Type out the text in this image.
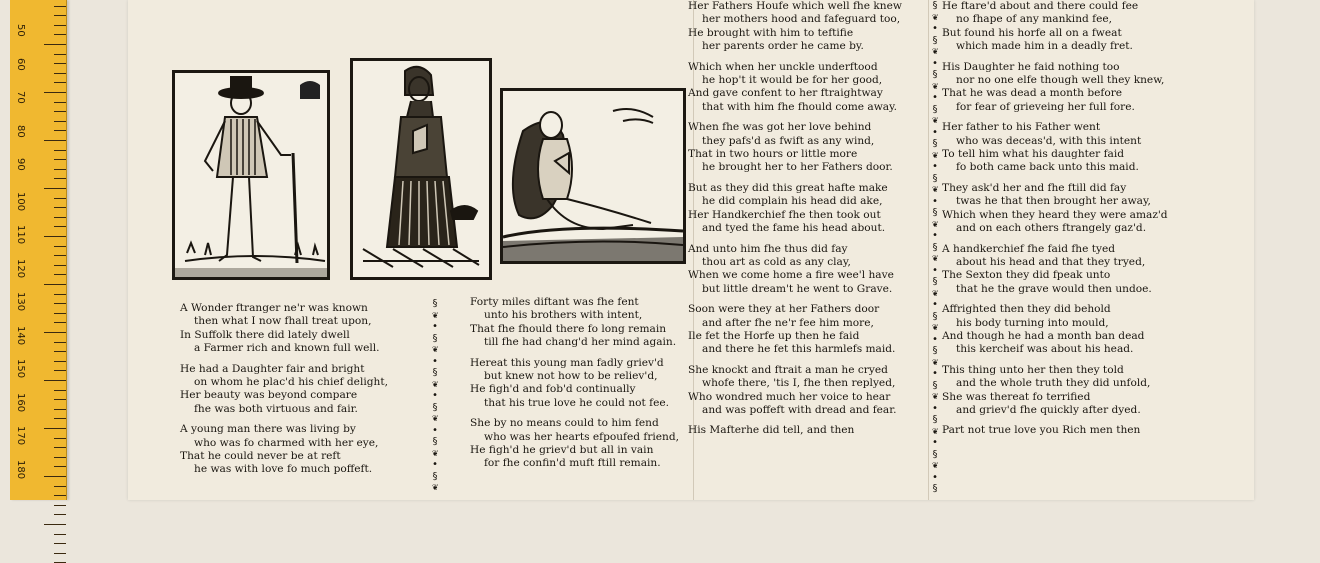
50
60
70
80
90
100
110
120
130
140
150
160
170
180
A Wonder ftranger ne'r was known
then what I now fhall treat upon,
In Suffolk there did lately dwell
a Farmer rich and known full well.
He had a Daughter fair and bright
on whom he plac'd his chief delight,
Her beauty was beyond compare
fhe was both virtuous and fair.
A young man there was living by
who was fo charmed with her eye,
That he could never be at reft
he was with love fo much poffeft.
§
❦
•
§
❦
•
§
❦
•
§
❦
•
§
❦
•
§
❦
Forty miles diftant was fhe fent
unto his brothers with intent,
That fhe fhould there fo long remain
till fhe had chang'd her mind again.
Hereat this young man fadly griev'd
but knew not how to be reliev'd,
He figh'd and fob'd continually
that his true love he could not fee.
She by no means could to him fend
who was her hearts efpoufed friend,
He figh'd he griev'd but all in vain
for fhe confin'd muft ftill remain.
Her Fathers Houfe which well fhe knew
her mothers hood and fafeguard too,
He brought with him to teftifie
her parents order he came by.
Which when her unckle underftood
he hop't it would be for her good,
And gave confent to her ftraightway
that with him fhe fhould come away.
When fhe was got her love behind
they pafs'd as fwift as any wind,
That in two hours or little more
he brought her to her Fathers door.
But as they did this great hafte make
he did complain his head did ake,
Her Handkerchief fhe then took out
and tyed the fame his head about.
And unto him fhe thus did fay
thou art as cold as any clay,
When we come home a fire wee'l have
but little dream't he went to Grave.
Soon were they at her Fathers door
and after fhe ne'r fee him more,
Ile fet the Horfe up then he faid
and there he fet this harmlefs maid.
She knockt and ftrait a man he cryed
whofe there, 'tis I, fhe then replyed,
Who wondred much her voice to hear
and was poffeft with dread and fear.
His Mafterhe did tell, and then
§
❦
•
§
❦
•
§
❦
•
§
❦
•
§
❦
•
§
❦
•
§
❦
•
§
❦
•
§
❦
•
§
❦
•
§
❦
•
§
❦
•
§
❦
•
§
❦
•
§
He ftare'd about and there could fee
no fhape of any mankind fee,
But found his horfe all on a fweat
which made him in a deadly fret.
His Daughter he faid nothing too
nor no one elfe though well they knew,
That he was dead a month before
for fear of grieveing her full fore.
Her father to his Father went
who was deceas'd, with this intent
To tell him what his daughter faid
fo both came back unto this maid.
They ask'd her and fhe ftill did fay
twas he that then brought her away,
Which when they heard they were amaz'd
and on each others ftrangely gaz'd.
A handkerchief fhe faid fhe tyed
about his head and that they tryed,
The Sexton they did fpeak unto
that he the grave would then undoe.
Affrighted then they did behold
his body turning into mould,
And though he had a month ban dead
this kercheif was about his head.
This thing unto her then they told
and the whole truth they did unfold,
She was thereat fo terrified
and griev'd fhe quickly after dyed.
Part not true love you Rich men then
